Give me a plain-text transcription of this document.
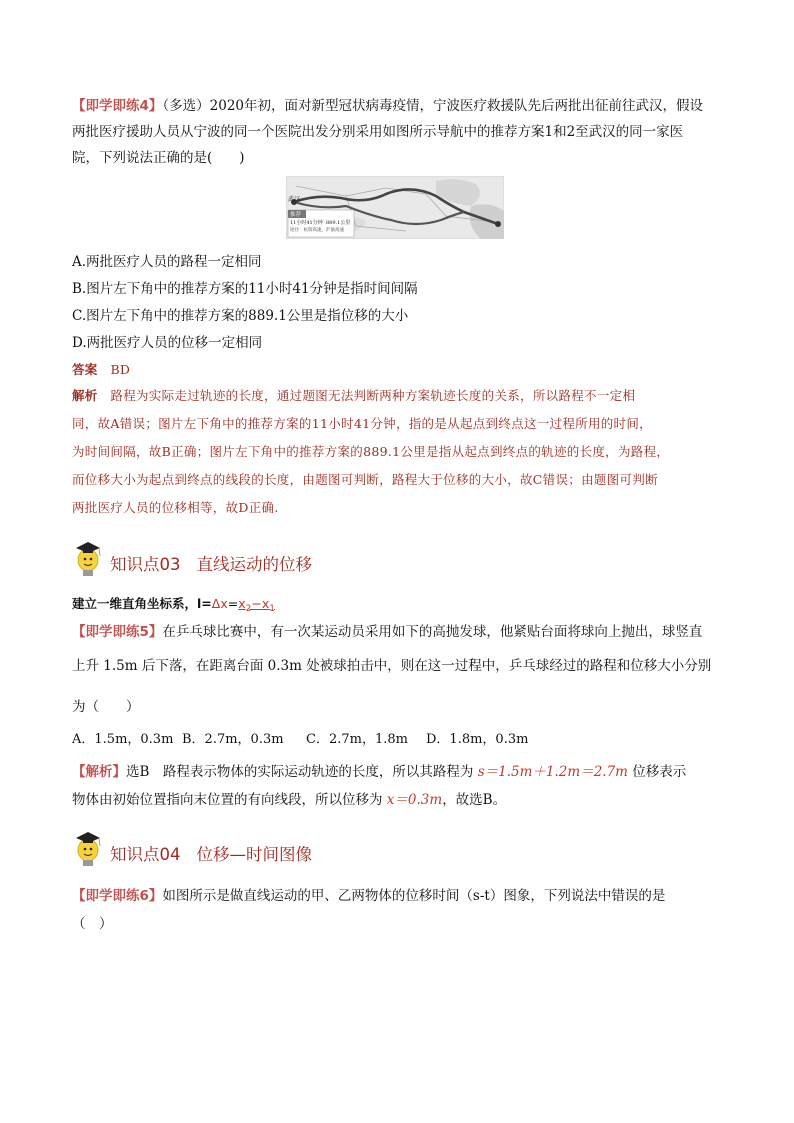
【即学即练4】（多选）2020年初，面对新型冠状病毒疫情，宁波医疗救援队先后两批出征前往武汉，假设
两批医疗援助人员从宁波的同一个医院出发分别采用如图所示导航中的推荐方案1和2至武汉的同一家医
院，下列说法正确的是(　　)
武汉
推荐
11小时41分钟 889.1公里
途径：杭瑞高速，沪渝高速
A.两批医疗人员的路程一定相同
B.图片左下角中的推荐方案的11小时41分钟是指时间间隔
C.图片左下角中的推荐方案的889.1公里是指位移的大小
D.两批医疗人员的位移一定相同
答案 BD
解析 路程为实际走过轨迹的长度，通过题图无法判断两种方案轨迹长度的关系，所以路程不一定相
同，故A错误；图片左下角中的推荐方案的11小时41分钟，指的是从起点到终点这一过程所用的时间，
为时间间隔，故B正确；图片左下角中的推荐方案的889.1公里是指从起点到终点的轨迹的长度，为路程，
而位移大小为起点到终点的线段的长度，由题图可判断，路程大于位移的大小，故C错误；由题图可判断
两批医疗人员的位移相等，故D正确.
知识点03 直线运动的位移
建立一维直角坐标系，$l=\Delta x=x_2-x_1$
【即学即练5】在乒乓球比赛中，有一次某运动员采用如下的高抛发球，他紧贴台面将球向上抛出，球竖直
上升 1.5m 后下落，在距离台面 0.3m 处被球拍击中，则在这一过程中，乒乓球经过的路程和位移大小分别
为（　　）
A．1.5m，0.3m B．2.7m，0.3m C．2.7m，1.8m D．1.8m，0.3m
【解析】选B　路程表示物体的实际运动轨迹的长度，所以其路程为 s＝1.5m＋1.2m＝2.7m 位移表示
物体由初始位置指向末位置的有向线段，所以位移为 x＝0.3m，故选B。
知识点04 位移—时间图像
【即学即练6】如图所示是做直线运动的甲、乙两物体的位移时间（s-t）图象，下列说法中错误的是
（　）
